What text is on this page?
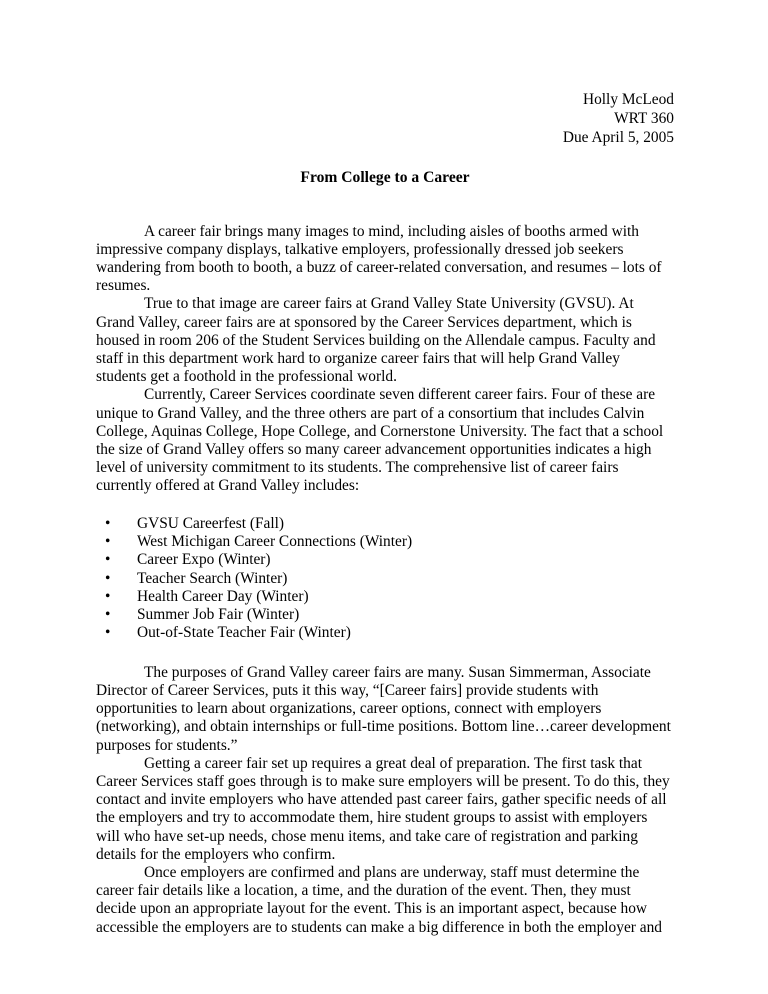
Holly McLeod
WRT 360
Due April 5, 2005
From College to a Career

A career fair brings many images to mind, including aisles of booths armed with impressive company displays, talkative employers, professionally dressed job seekers wandering from booth to booth, a buzz of career-related conversation, and resumes – lots of resumes.

True to that image are career fairs at Grand Valley State University (GVSU). At Grand Valley, career fairs are at sponsored by the Career Services department, which is housed in room 206 of the Student Services building on the Allendale campus. Faculty and staff in this department work hard to organize career fairs that will help Grand Valley students get a foothold in the professional world.

Currently, Career Services coordinate seven different career fairs. Four of these are unique to Grand Valley, and the three others are part of a consortium that includes Calvin College, Aquinas College, Hope College, and Cornerstone University. The fact that a school the size of Grand Valley offers so many career advancement opportunities indicates a high level of university commitment to its students. The comprehensive list of career fairs currently offered at Grand Valley includes:

• GVSU Careerfest (Fall)
• West Michigan Career Connections (Winter)
• Career Expo (Winter)
• Teacher Search (Winter)
• Health Career Day (Winter)
• Summer Job Fair (Winter)
• Out-of-State Teacher Fair (Winter)

The purposes of Grand Valley career fairs are many. Susan Simmerman, Associate Director of Career Services, puts it this way, “[Career fairs] provide students with opportunities to learn about organizations, career options, connect with employers (networking), and obtain internships or full-time positions. Bottom line…career development purposes for students.”

Getting a career fair set up requires a great deal of preparation. The first task that Career Services staff goes through is to make sure employers will be present. To do this, they contact and invite employers who have attended past career fairs, gather specific needs of all the employers and try to accommodate them, hire student groups to assist with employers will who have set-up needs, chose menu items, and take care of registration and parking details for the employers who confirm.

Once employers are confirmed and plans are underway, staff must determine the career fair details like a location, a time, and the duration of the event. Then, they must decide upon an appropriate layout for the event. This is an important aspect, because how accessible the employers are to students can make a big difference in both the employer and
